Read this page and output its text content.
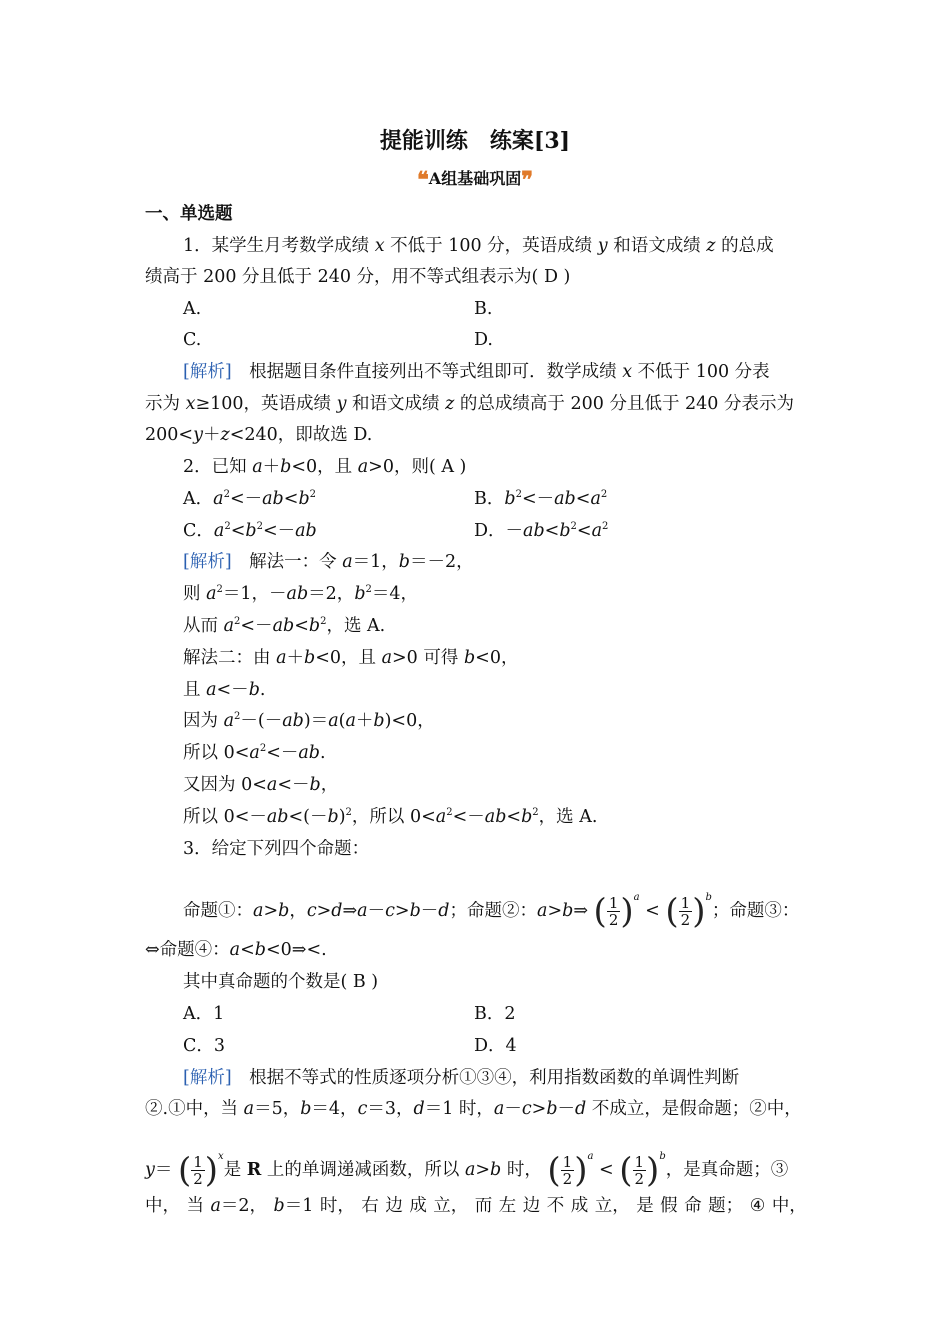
提能训练　练案[3]
❝A组基础巩固❞
一、单选题
1．某学生月考数学成绩 x 不低于 100 分，英语成绩 y 和语文成绩 z 的总成
绩高于 200 分且低于 240 分，用不等式组表示为( D )
A.	B.
C.	D.
[解析]　根据题目条件直接列出不等式组即可．数学成绩 x 不低于 100 分表
示为 x≥100，英语成绩 y 和语文成绩 z 的总成绩高于 200 分且低于 240 分表示为
200<y＋z<240，即故选 D.
2．已知 a＋b<0，且 a>0，则( A )
A．$a^2<-ab<b^2$	B．$b^2<-ab<a^2$
C．$a^2<b^2<-ab$	D．$-ab<b^2<a^2$
[解析]　解法一：令 a＝1，b＝－2，
则 $a^2=1$，－ab＝2，$b^2=4$，
从而 $a^2<-ab<b^2$，选 A.
解法二：由 a＋b<0，且 a>0 可得 b<0，
且 a<－b.
因为 $a^2-(-ab)=a(a+b)<0$，
所以 $0<a^2<-ab$.
又因为 0<a<－b，
所以 $0<-ab<(-b)^2$，所以 $0<a^2<-ab<b^2$，选 A.
3．给定下列四个命题：
命题①：a>b，c>d⇒a－c>b－d；命题②：a>b⇒ ( $\frac{1}{2} )^a$ < ( $\frac{1}{2} )^b$；命题③：
⇔命题④：a<b<0⇒<.
其中真命题的个数是( B )
A．1	B．2
C．3	D．4
[解析]　根据不等式的性质逐项分析①③④，利用指数函数的单调性判断
②.①中，当 a＝5，b＝4，c＝3，d＝1 时，a－c>b－d 不成立，是假命题；②中，
y＝ ( $\frac{1}{2} )^x$是 R 上的单调递减函数，所以 a>b 时， ( $\frac{1}{2} )^a$ < ( $\frac{1}{2} )^b$，是真命题；③
中， 当 a＝2， b＝1 时， 右 边 成 立， 而 左 边 不 成 立， 是 假 命 题； ④ 中，
